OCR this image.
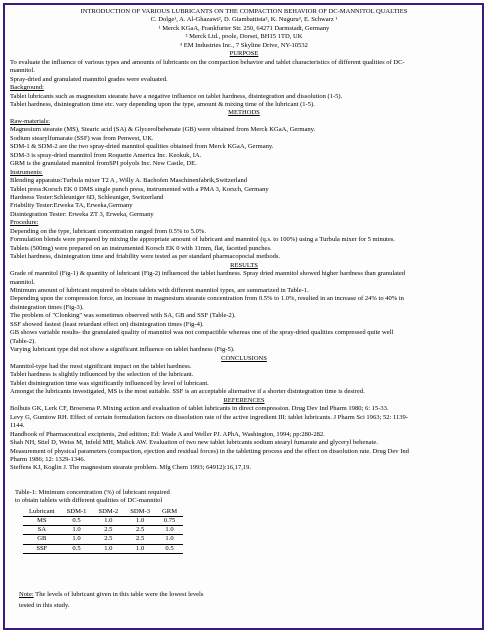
INTRODUCTION OF VARIOUS LUBRICANTS ON THE COMPACTION BEHAVIOR OF DC-MANNITOL QUALTIES

C. Dolge¹, A. Al-Ghazawi², D. Giambattista³, K. Nuguru³, E. Schwarz ¹

¹ Merck KGaA, Frankfurter Str. 250, 64271 Darmstadt, Germany

² Merck Ltd., poole, Dorset, BH15 1TD, UK

³ EM Industries Inc., 7 Skyline Drive, NY-10532

PURPOSE

To evaluate the influence of various types and amounts of lubricants on the compaction behavior and tablet characteristics of different qualities of DC-

mannitol.

Spray-dried and granulated mannitol grades were evaluated.

Background:

Tablet lubricants such as magnesium stearate have a negative influence on tablet hardness, disintegration and dissolution (1-5).

Tablet hardness, disintegration time etc. vary depending upon the type, amount & mixing time of the lubricant (1-5).

METHODS

Raw-materials:

Magnesium stearate (MS), Stearic acid (SA) & Glycerolbehenate (GB) were obtained from Merck KGaA, Germany.

Sodium stearylfumarate (SSF) was from Penwest, UK.

SDM-1 & SDM-2 are the two spray-dried mannitol qualities obtained from Merck KGaA, Germany.

SDM-3 is spray-dried mannitol from Roquette America Inc. Keokuk, IA.

GRM is the granulated mannitol fromSPI polyols Inc. New Castle, DE.

Instruments:

Blending apparatus:Turbula mixer T2 A , Willy A. Bachofen Maschinenfabrik,Switzerland

Tablet press:Korsch EK 0 DMS single punch press, instrumented with a PMA 3, Korsch, Germany

Hardness Tester:Schleuniger 6D, Schleuniger, Switzerland

Friability Tester:Erweka TA, Erweka,Germany

Disintegration Tester: Erweka ZT 3, Erweka, Germany

Procedure:

Depending on the type, lubricant concentration ranged from 0.5% to 5.0%.

Formulation blends were prepared by mixing the appropriate amount of lubricant and mannitol (q.s. to 100%) using a Turbula mixer for 5 minutes.

Tablets (500mg) were prepared on an instrumented Korsch EK 0 with 11mm, flat, facetted punches.

Tablet hardness, disintegration time and friability were tested as per standard pharmacopocial methods.

RESULTS

Grade of mannitol (Fig-1) & quantity of lubricant (Fig-2) influenced the tablet hardness. Spray dried mannitol showed higher hardness than granulated

mannitol.

Minimum amount of lubricant required to obtain tablets with different mannitol types, are summarized in Table-1.

Depending upon the compression force, an increase in magnesium stearate concentration from 0.5% to 1.0%, resulted in an increase of 24% to 40% in

disintegration times (Fig-3).

The problem of "Clonking" was sometimes observed with SA, GB and SSF (Table-2).

SSF showed fastest (least retardant effect on) disintegration times (Fig-4).

GB shows variable results- the granulated quality of mannitol was not compactible whereas one of the spray-dried qualities compressed quite well

(Table-2).

Varying lubricant type did not show a significant influence on tablet hardness (Fig-5).

CONCLUSIONS

Mannitol-type had the most significant impact on the tablet hardness.

Tablet hardness is slightly influenced by the selection of the lubricant.

Tablet disintegration time was significantly influenced by level of lubricant.

Amongst the lubricants investigated, MS is the most suitable. SSF is an acceptable alternative if a shorter disintegration time is desired.

REFERENCES

Bolhuis GK, Lerk CF, Broersma P. Mixing action and evaluation of tablet lubricants in direct compression. Drug Dev Ind Pharm 1980; 6: 15-33.

Levy G, Gumtow RH. Effect of certain formulation factors on dissolution rate of the active ingredient III: tablet lubricants. J Pharm Sci 1963; 52: 1139-

1144.

Handbook of Pharmaceutical excipients, 2nd edition; Ed: Wade A and Weller PJ. APhA, Washington, 1994; pp:280-282.

Shah NH, Stiel D, Weiss M, Infeld MH, Malick AW. Evaluation of two new tablet lubricants sodium stearyl fumarate and glyceryl behenate.

Measurement of physical parameters (compaction, ejection and residual forces) in the tabletting process and the effect on dissolution rate. Drug Dev Ind

Pharm 1986; 12: 1329-1346.

Steffens KJ, Koglin J. The magnesium stearate problem. Mfg Chem 1993; 64912):16,17,19.

Table-1: Minimum concentration (%) of lubricant required

to obtain tablets with different qualities of DC-mannitol

Lubricant	SDM-1	SDM-2	SDM-3	GRM
MS	0.5	1.0	1.0	0.75
SA	1.0	2.5	2.5	1.0
GB	1.0	2.5	2.5	1.0
SSF	0.5	1.0	1.0	0.5

Note: The levels of lubricant given in this table were the lowest levels

tested in this study.
